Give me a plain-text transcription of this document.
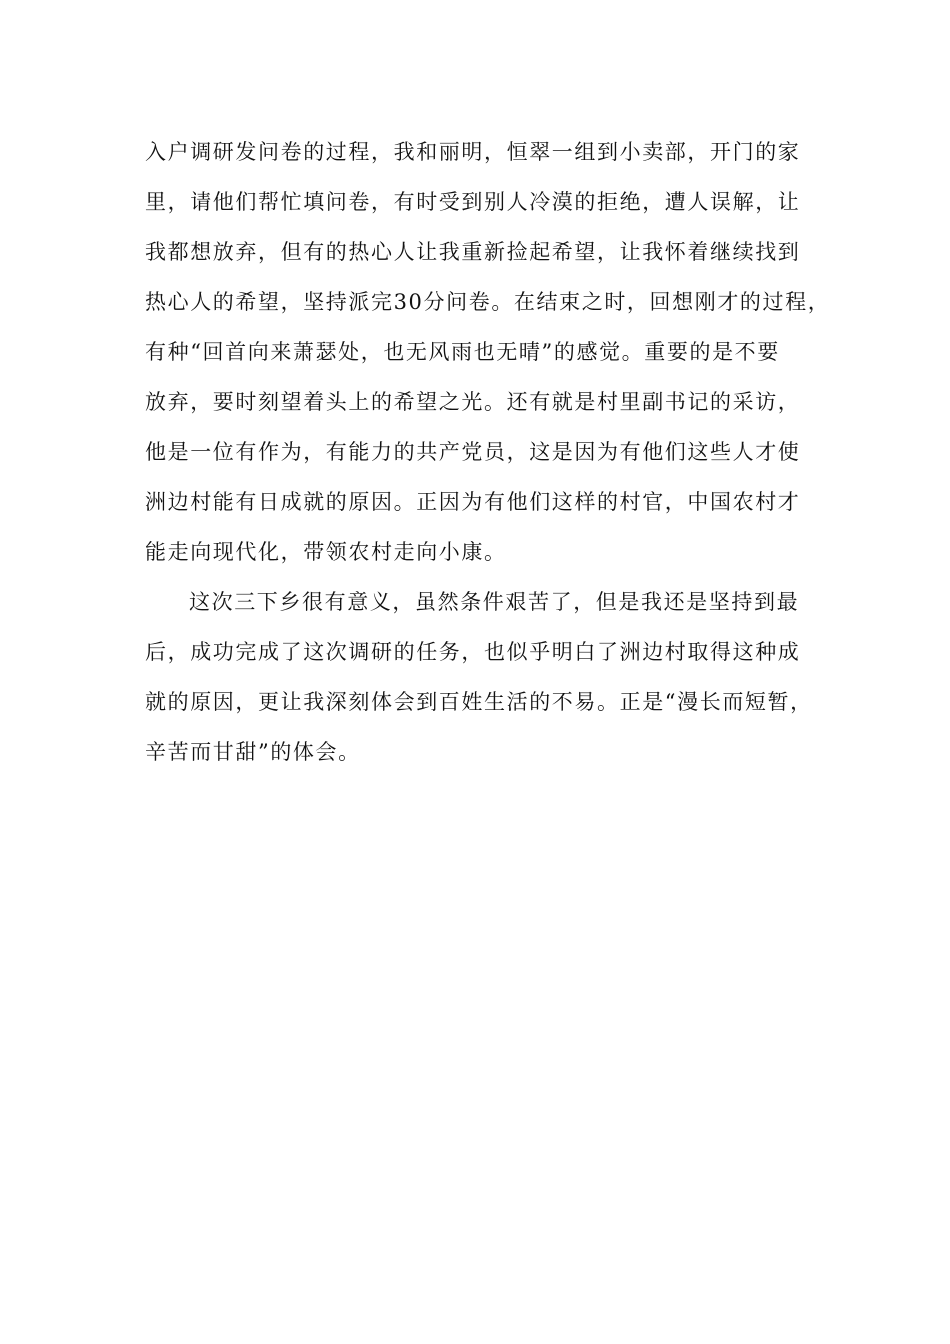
入户调研发问卷的过程，我和丽明，恒翠一组到小卖部，开门的家
里，请他们帮忙填问卷，有时受到别人冷漠的拒绝，遭人误解，让
我都想放弃，但有的热心人让我重新捡起希望，让我怀着继续找到
热心人的希望，坚持派完30分问卷。在结束之时，回想刚才的过程，
有种“回首向来萧瑟处，也无风雨也无晴”的感觉。重要的是不要
放弃，要时刻望着头上的希望之光。还有就是村里副书记的采访，
他是一位有作为，有能力的共产党员，这是因为有他们这些人才使
洲边村能有日成就的原因。正因为有他们这样的村官，中国农村才
能走向现代化，带领农村走向小康。
这次三下乡很有意义，虽然条件艰苦了，但是我还是坚持到最
后，成功完成了这次调研的任务，也似乎明白了洲边村取得这种成
就的原因，更让我深刻体会到百姓生活的不易。正是“漫长而短暂，
辛苦而甘甜”的体会。
